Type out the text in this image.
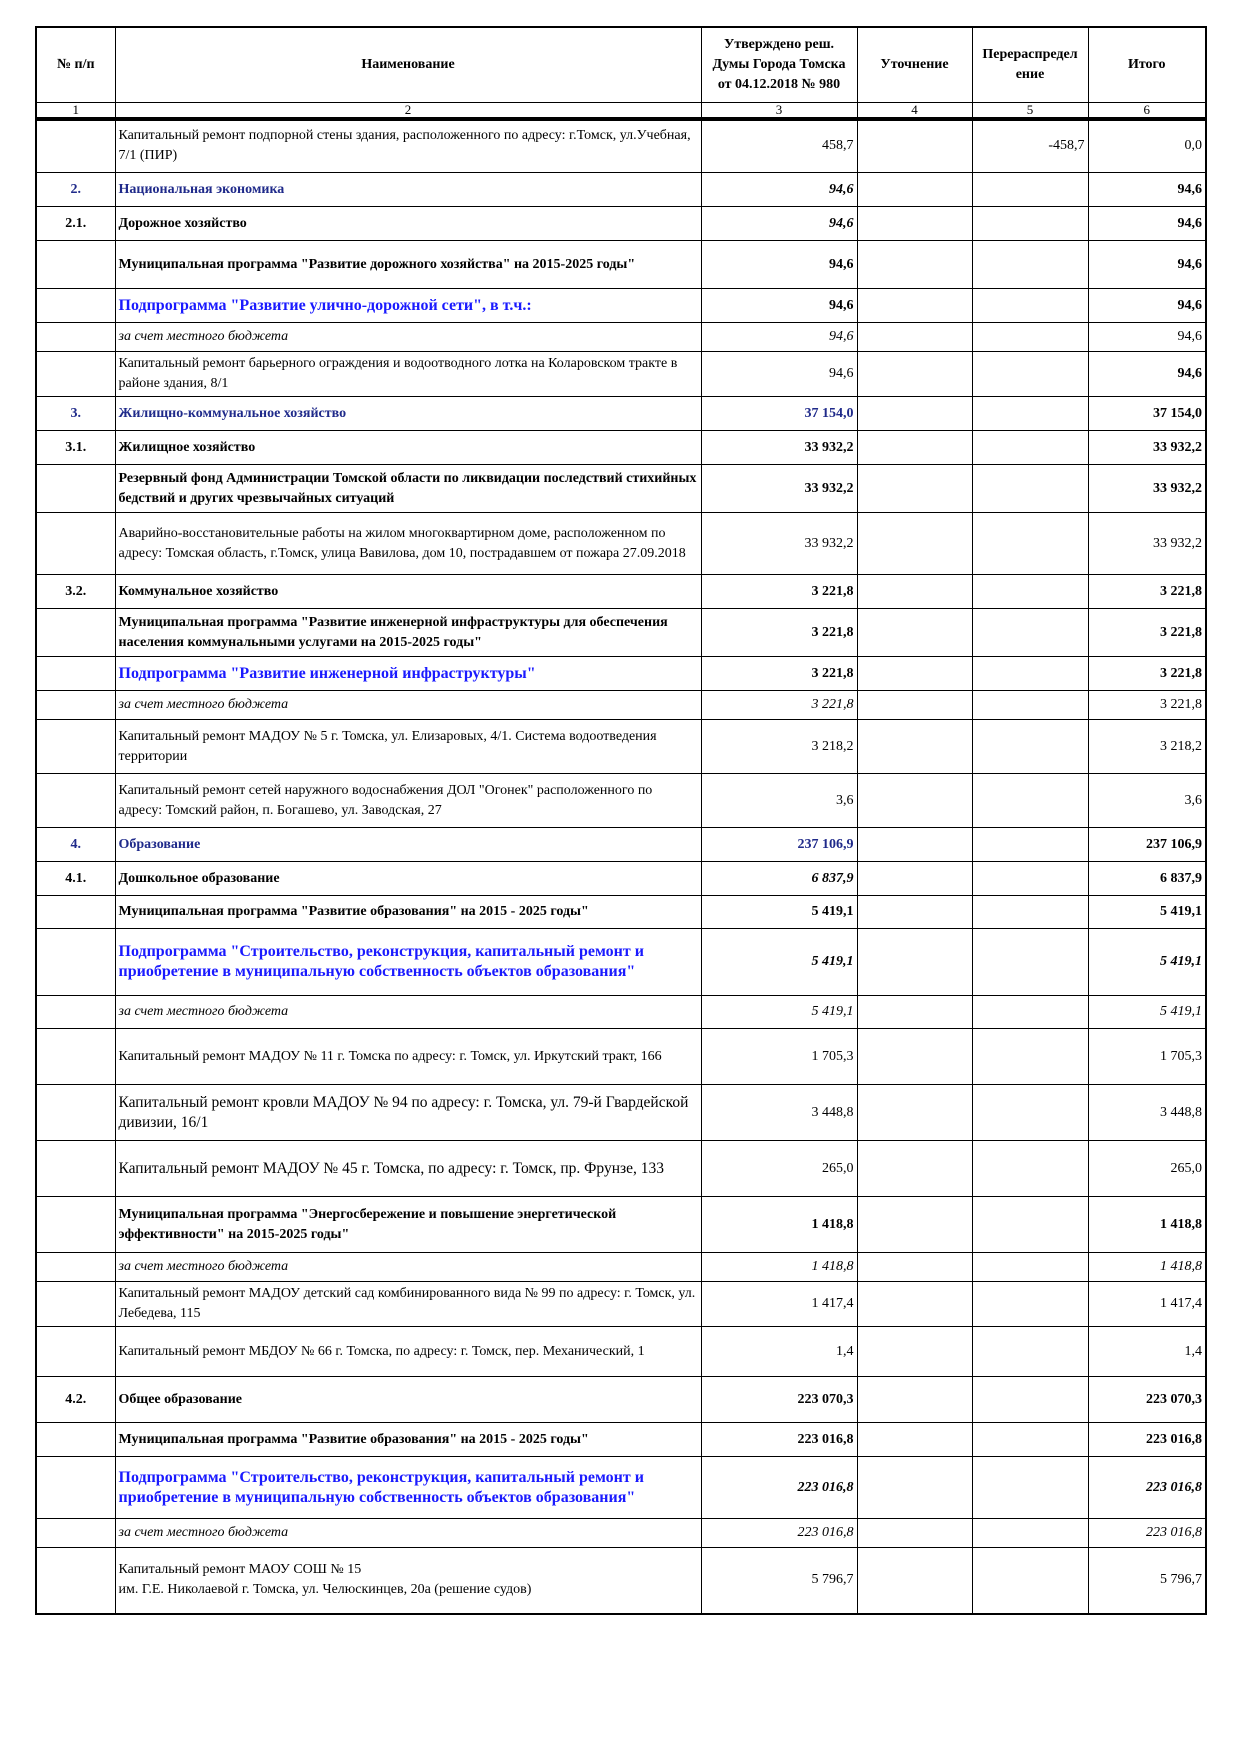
№ п/п	Наименование	Утверждено реш. Думы Города Томска от 04.12.2018 № 980	Уточнение	Перераспредел ение	Итого
1	2	3	4	5	6
	Капитальный ремонт подпорной стены здания, расположенного по адресу: г.Томск, ул.Учебная, 7/1 (ПИР)	458,7		-458,7	0,0
2.	Национальная экономика	94,6			94,6
2.1.	Дорожное хозяйство	94,6			94,6
	Муниципальная программа "Развитие дорожного хозяйства" на 2015-2025 годы"	94,6			94,6
	Подпрограмма "Развитие улично-дорожной сети", в т.ч.:	94,6			94,6
	за счет местного бюджета	94,6			94,6
	Капитальный ремонт барьерного ограждения и водоотводного лотка на Коларовском тракте в районе здания, 8/1	94,6			94,6
3.	Жилищно-коммунальное хозяйство	37 154,0			37 154,0
3.1.	Жилищное хозяйство	33 932,2			33 932,2
	Резервный фонд Администрации Томской области по ликвидации последствий стихийных бедствий и других чрезвычайных ситуаций	33 932,2			33 932,2
	Аварийно-восстановительные работы на жилом многоквартирном доме, расположенном по адресу: Томская область, г.Томск, улица Вавилова, дом 10, пострадавшем от пожара 27.09.2018	33 932,2			33 932,2
3.2.	Коммунальное хозяйство	3 221,8			3 221,8
	Муниципальная программа "Развитие инженерной инфраструктуры для обеспечения населения коммунальными услугами на 2015-2025 годы"	3 221,8			3 221,8
	Подпрограмма "Развитие инженерной инфраструктуры"	3 221,8			3 221,8
	за счет местного бюджета	3 221,8			3 221,8
	Капитальный ремонт МАДОУ № 5 г. Томска, ул. Елизаровых, 4/1. Система водоотведения территории	3 218,2			3 218,2
	Капитальный ремонт сетей наружного водоснабжения ДОЛ "Огонек" расположенного по адресу: Томский район, п. Богашево, ул. Заводская, 27	3,6			3,6
4.	Образование	237 106,9			237 106,9
4.1.	Дошкольное образование	6 837,9			6 837,9
	Муниципальная программа "Развитие образования" на 2015 - 2025 годы"	5 419,1			5 419,1
	Подпрограмма "Строительство, реконструкция, капитальный ремонт и приобретение в муниципальную собственность объектов образования"	5 419,1			5 419,1
	за счет местного бюджета	5 419,1			5 419,1
	Капитальный ремонт МАДОУ № 11 г. Томска по адресу: г. Томск, ул. Иркутский тракт, 166	1 705,3			1 705,3
	Капитальный ремонт кровли МАДОУ № 94 по адресу: г. Томска, ул. 79-й Гвардейской дивизии, 16/1	3 448,8			3 448,8
	Капитальный ремонт МАДОУ № 45 г. Томска, по адресу: г. Томск, пр. Фрунзе, 133	265,0			265,0
	Муниципальная программа "Энергосбережение и повышение энергетической эффективности" на 2015-2025 годы"	1 418,8			1 418,8
	за счет местного бюджета	1 418,8			1 418,8
	Капитальный ремонт МАДОУ детский сад комбинированного вида № 99 по адресу: г. Томск, ул. Лебедева, 115	1 417,4			1 417,4
	Капитальный ремонт МБДОУ № 66 г. Томска, по адресу: г. Томск, пер. Механический, 1	1,4			1,4
4.2.	Общее образование	223 070,3			223 070,3
	Муниципальная программа "Развитие образования" на 2015 - 2025 годы"	223 016,8			223 016,8
	Подпрограмма "Строительство, реконструкция, капитальный ремонт и приобретение в муниципальную собственность объектов образования"	223 016,8			223 016,8
	за счет местного бюджета	223 016,8			223 016,8
	Капитальный ремонт МАОУ СОШ № 15
им. Г.Е. Николаевой г. Томска, ул. Челюскинцев, 20а (решение судов)	5 796,7			5 796,7
